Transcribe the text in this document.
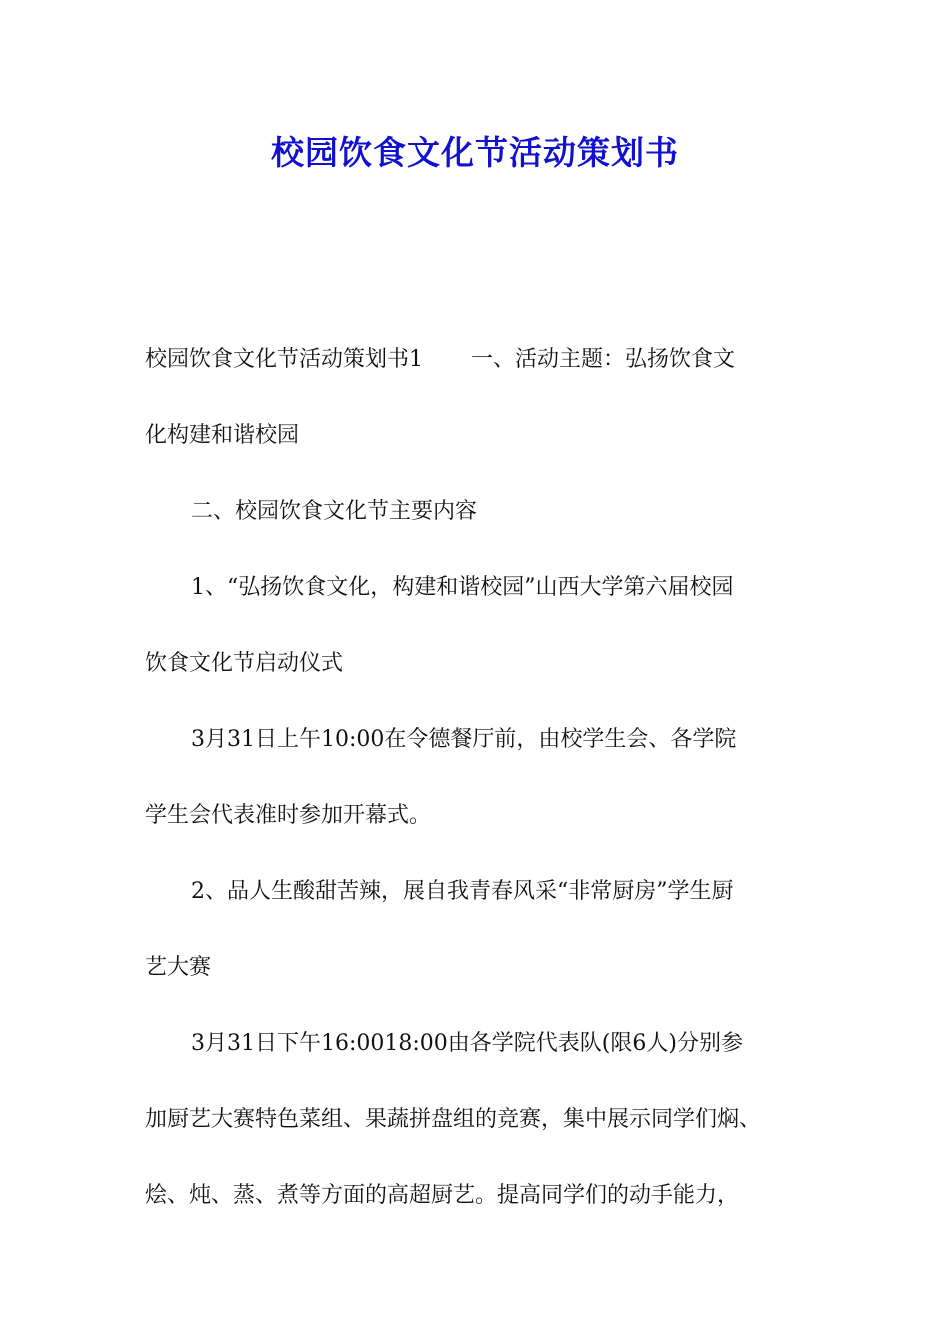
校园饮食文化节活动策划书
校园饮食文化节活动策划书1 一、活动主题：弘扬饮食文
化构建和谐校园
二、校园饮食文化节主要内容
1、“弘扬饮食文化，构建和谐校园”山西大学第六届校园
饮食文化节启动仪式
3月31日上午10:00在令德餐厅前，由校学生会、各学院
学生会代表准时参加开幕式。
2、品人生酸甜苦辣，展自我青春风采“非常厨房”学生厨
艺大赛
3月31日下午16:0018:00由各学院代表队(限6人)分别参
加厨艺大赛特色菜组、果蔬拼盘组的竞赛，集中展示同学们焖、
烩、炖、蒸、煮等方面的高超厨艺。提高同学们的动手能力，
